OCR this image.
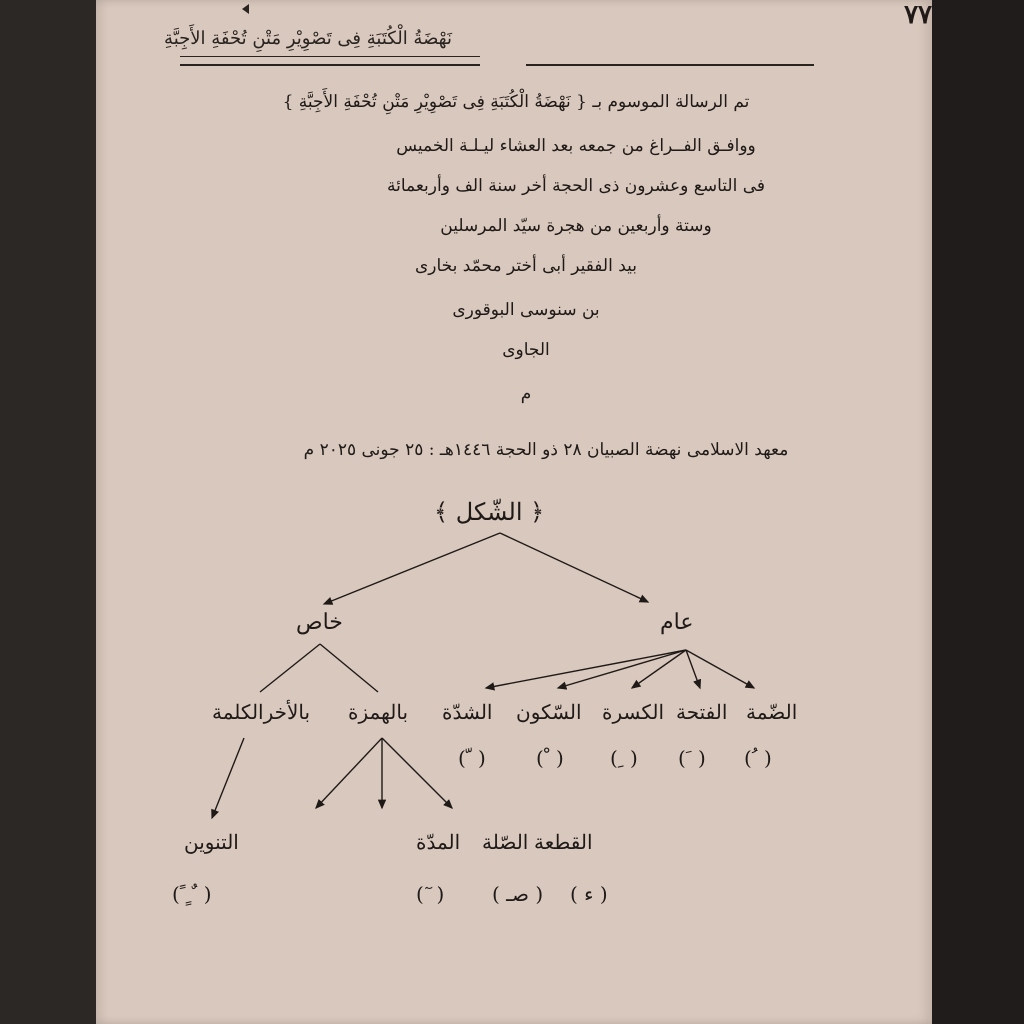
نَهْضَةُ الْكُتَبَةِ فِى تَصْوِيْرِ مَتْنِ تُحْفَةِ الأَجِبَّةِ
٧٧
تم الرسالة الموسوم بـ { نَهْضَةُ الْكُتَبَةِ فِى تَصْوِيْرِ مَتْنِ تُحْفَةِ الأَجِبَّةِ }
ووافـق الفــراغ من جمعه بعد العشاء ليـلـة الخميس
فى التاسع وعشرون ذى الحجة أخر سنة الف وأربعمائة
وستة وأربعين من هجرة سيّد المرسلين
بيد الفقير أبى أختر محمّد بخارى
بن سنوسى البوقورى
الجاوى
م
معهد الاسلامى نهضة الصبيان ٢٨ ذو الحجة ١٤٤٦هـ : ٢٥ جونى ٢٠٢٥ م
﴿ الشّكل ﴾
خاص	عام
بالأخرالكلمة بالهمزة	الضّمة
الفتحة
الكسرة
السّكون
الشدّة
( ُ )
( َ )
( ِ )
( ْ )
( ّ )
التنوين	القطعة
الصّلة
المدّة
( ً ٍ ٌ )	( ء )
( صـ )
( ٓ )
